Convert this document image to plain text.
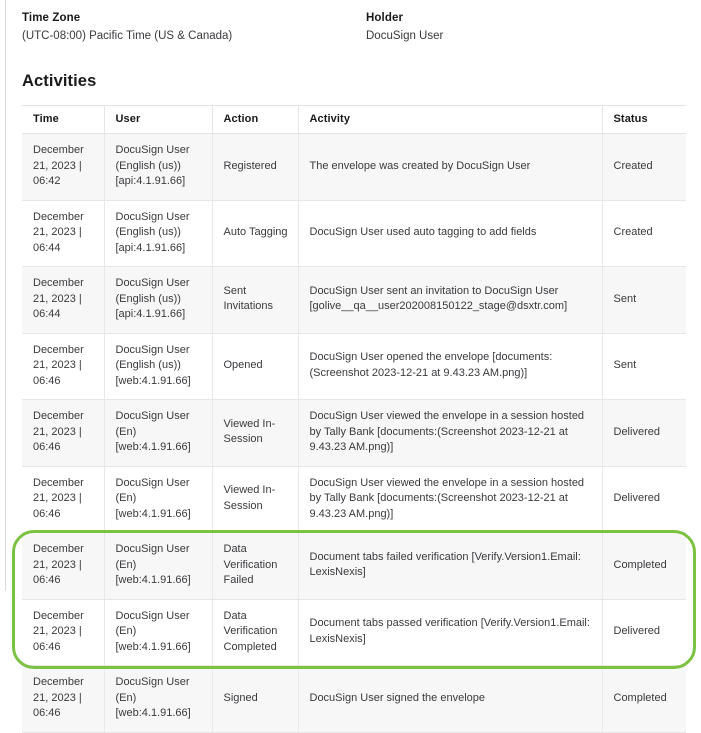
Time Zone
(UTC-08:00) Pacific Time (US & Canada)
Holder
DocuSign User
Activities
Time	User	Action	Activity	Status

December
21, 2023 |
06:42	DocuSign User
(English (us))
[api:4.1.91.66]	Registered	The envelope was created by DocuSign User	Created

December
21, 2023 |
06:44	DocuSign User
(English (us))
[api:4.1.91.66]	Auto Tagging	DocuSign User used auto tagging to add fields	Created

December
21, 2023 |
06:44	DocuSign User
(English (us))
[api:4.1.91.66]	Sent Invitations	DocuSign User sent an invitation to DocuSign User [golive__qa__user202008150122_stage@dsxtr.com]	Sent

December
21, 2023 |
06:46	DocuSign User
(English (us))
[web:4.1.91.66]	Opened	DocuSign User opened the envelope [documents:(Screenshot 2023-12-21 at 9.43.23 AM.png)]	Sent

December
21, 2023 |
06:46	DocuSign User (En)
[web:4.1.91.66]	Viewed In-Session	DocuSign User viewed the envelope in a session hosted by Tally Bank [documents:(Screenshot 2023-12-21 at 9.43.23 AM.png)]	Delivered

December
21, 2023 |
06:46	DocuSign User (En)
[web:4.1.91.66]	Viewed In-Session	DocuSign User viewed the envelope in a session hosted by Tally Bank [documents:(Screenshot 2023-12-21 at 9.43.23 AM.png)]	Delivered

December
21, 2023 |
06:46	DocuSign User (En)
[web:4.1.91.66]	Data Verification Failed	Document tabs failed verification [Verify.Version1.Email: LexisNexis]	Completed

December
21, 2023 |
06:46	DocuSign User (En)
[web:4.1.91.66]	Data Verification Completed	Document tabs passed verification [Verify.Version1.Email: LexisNexis]	Delivered

December
21, 2023 |
06:46	DocuSign User (En)
[web:4.1.91.66]	Signed	DocuSign User signed the envelope	Completed
